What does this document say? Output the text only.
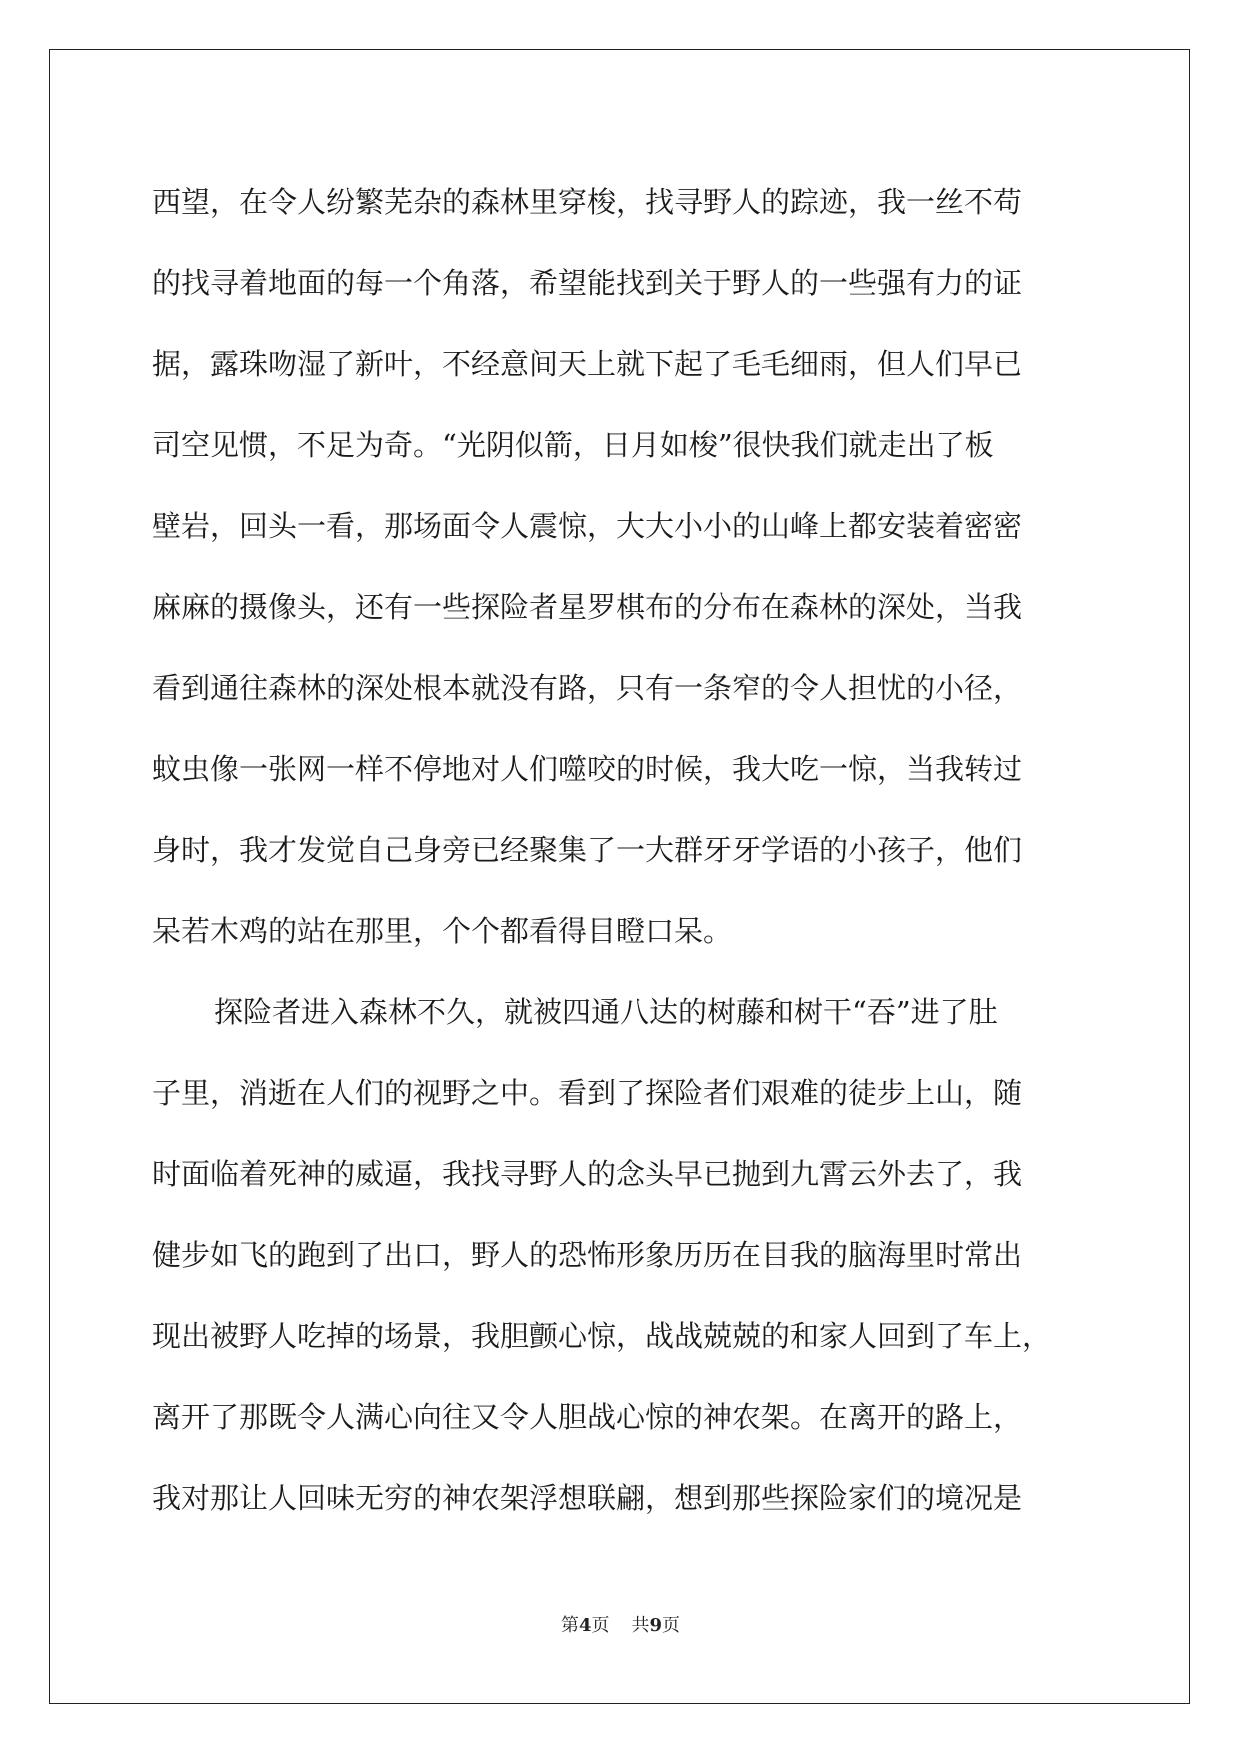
西望，在令人纷繁芜杂的森林里穿梭，找寻野人的踪迹，我一丝不苟
的找寻着地面的每一个角落，希望能找到关于野人的一些强有力的证
据，露珠吻湿了新叶，不经意间天上就下起了毛毛细雨，但人们早已
司空见惯，不足为奇。“光阴似箭，日月如梭”很快我们就走出了板
壁岩，回头一看，那场面令人震惊，大大小小的山峰上都安装着密密
麻麻的摄像头，还有一些探险者星罗棋布的分布在森林的深处，当我
看到通往森林的深处根本就没有路，只有一条窄的令人担忧的小径，
蚊虫像一张网一样不停地对人们噬咬的时候，我大吃一惊，当我转过
身时，我才发觉自己身旁已经聚集了一大群牙牙学语的小孩子，他们
呆若木鸡的站在那里，个个都看得目瞪口呆。
探险者进入森林不久，就被四通八达的树藤和树干“吞”进了肚
子里，消逝在人们的视野之中。看到了探险者们艰难的徒步上山，随
时面临着死神的威逼，我找寻野人的念头早已抛到九霄云外去了，我
健步如飞的跑到了出口，野人的恐怖形象历历在目我的脑海里时常出
现出被野人吃掉的场景，我胆颤心惊，战战兢兢的和家人回到了车上，
离开了那既令人满心向往又令人胆战心惊的神农架。在离开的路上，
我对那让人回味无穷的神农架浮想联翩，想到那些探险家们的境况是
第4页 共9页
